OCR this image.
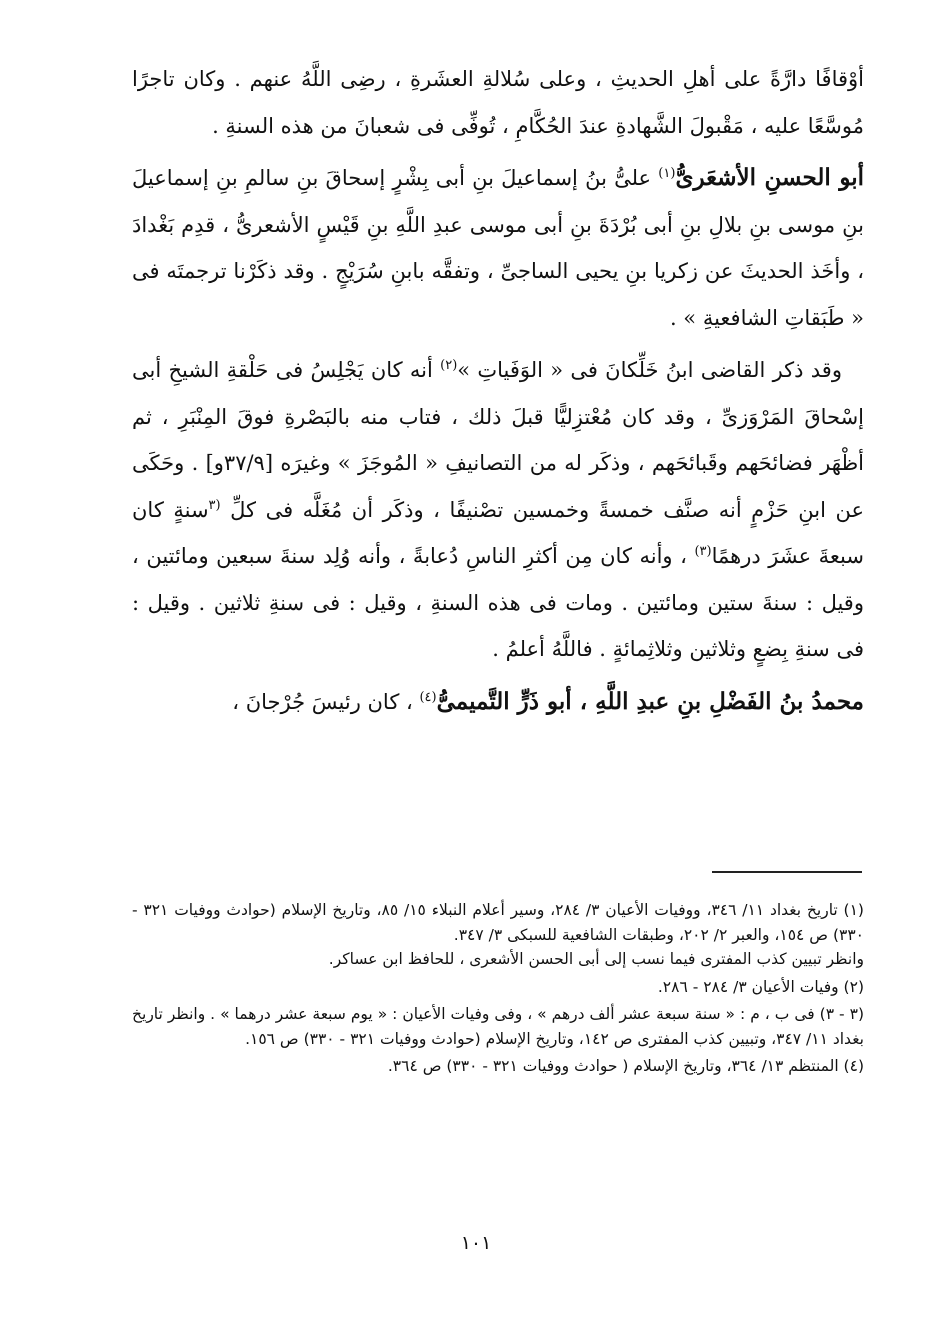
أوْقافًا دارَّةً على أهلِ الحديثِ ، وعلى سُلالةِ العشَرةِ ، رضِى اللَّهُ عنهم . وكان تاجرًا مُوسَّعًا عليه ، مَقْبولَ الشَّهادةِ عندَ الحُكَّامِ ، تُوفِّى فى شعبانَ من هذه السنةِ .

أبو الحسنِ الأشعَرىُّ$^{(١)}$ علىُّ بنُ إسماعيلَ بنِ أبى بِشْرٍ إسحاقَ بنِ سالمِ بنِ إسماعيلَ بنِ موسى بنِ بلالِ بنِ أبى بُرْدَةَ بنِ أبى موسى عبدِ اللَّهِ بنِ قَيْسٍ الأشعرىُّ ، قدِم بَغْدادَ ، وأخَذ الحديثَ عن زكريا بنِ يحيى الساجىِّ ، وتفقَّه بابنِ سُرَيْجٍ . وقد ذكَرْنا ترجمتَه فى « طَبَقاتِ الشافعيةِ » .

وقد ذكر القاضى ابنُ خَلِّكانَ فى « الوَفَياتِ »$^{(٢)}$ أنه كان يَجْلِسُ فى حَلْقةِ الشيخِ أبى إسْحاقَ المَرْوَزىِّ ، وقد كان مُعْتزِليًّا قبلَ ذلك ، فتاب منه بالبَصْرةِ فوقَ المِنْبَرِ ، ثم أظْهَر فضائحَهم وقَبائحَهم ، وذكَر له من التصانيفِ « المُوجَزَ » وغيرَه [٣٧/٩و] . وحَكَى عن ابنِ حَزْمٍ أنه صنَّف خمسةً وخمسين تصْنيفًا ، وذكَر أن مُغَلَّه فى كلِّ $^{(٣}$سنةٍ كان سبعةَ عشَرَ درهمًا$^{(٣)}$ ، وأنه كان مِن أكثرِ الناسِ دُعابةً ، وأنه وُلِد سنةَ سبعين ومائتين ، وقيل : سنةَ ستين ومائتين . ومات فى هذه السنةِ ، وقيل : فى سنةِ ثلاثين . وقيل : فى سنةِ بِضعٍ وثلاثين وثلاثِمائةٍ . فاللَّهُ أعلمُ .

محمدُ بنُ الفَضْلِ بنِ عبدِ اللَّهِ ، أبو ذَرٍّ التَّميمىُّ$^{(٤)}$ ، كان رئيسَ جُرْجانَ ،

(١) تاريخ بغداد ١١/ ٣٤٦، ووفيات الأعيان ٣/ ٢٨٤، وسير أعلام النبلاء ١٥/ ٨٥، وتاريخ الإسلام (حوادث ووفيات ٣٢١ - ٣٣٠) ص ١٥٤، والعبر ٢/ ٢٠٢، وطبقات الشافعية للسبكى ٣/ ٣٤٧.
وانظر تبيين كذب المفترى فيما نسب إلى أبى الحسن الأشعرى ، للحافظ ابن عساكر.

(٢) وفيات الأعيان ٣/ ٢٨٤ - ٢٨٦.

(٣ - ٣) فى ب ، م : « سنة سبعة عشر ألف درهم » ، وفى وفيات الأعيان : « يوم سبعة عشر درهما » . وانظر تاريخ بغداد ١١/ ٣٤٧، وتبيين كذب المفترى ص ١٤٢، وتاريخ الإسلام (حوادث ووفيات ٣٢١ - ٣٣٠) ص ١٥٦.

(٤) المنتظم ١٣/ ٣٦٤، وتاريخ الإسلام ( حوادث ووفيات ٣٢١ - ٣٣٠) ص ٣٦٤.

١٠١
